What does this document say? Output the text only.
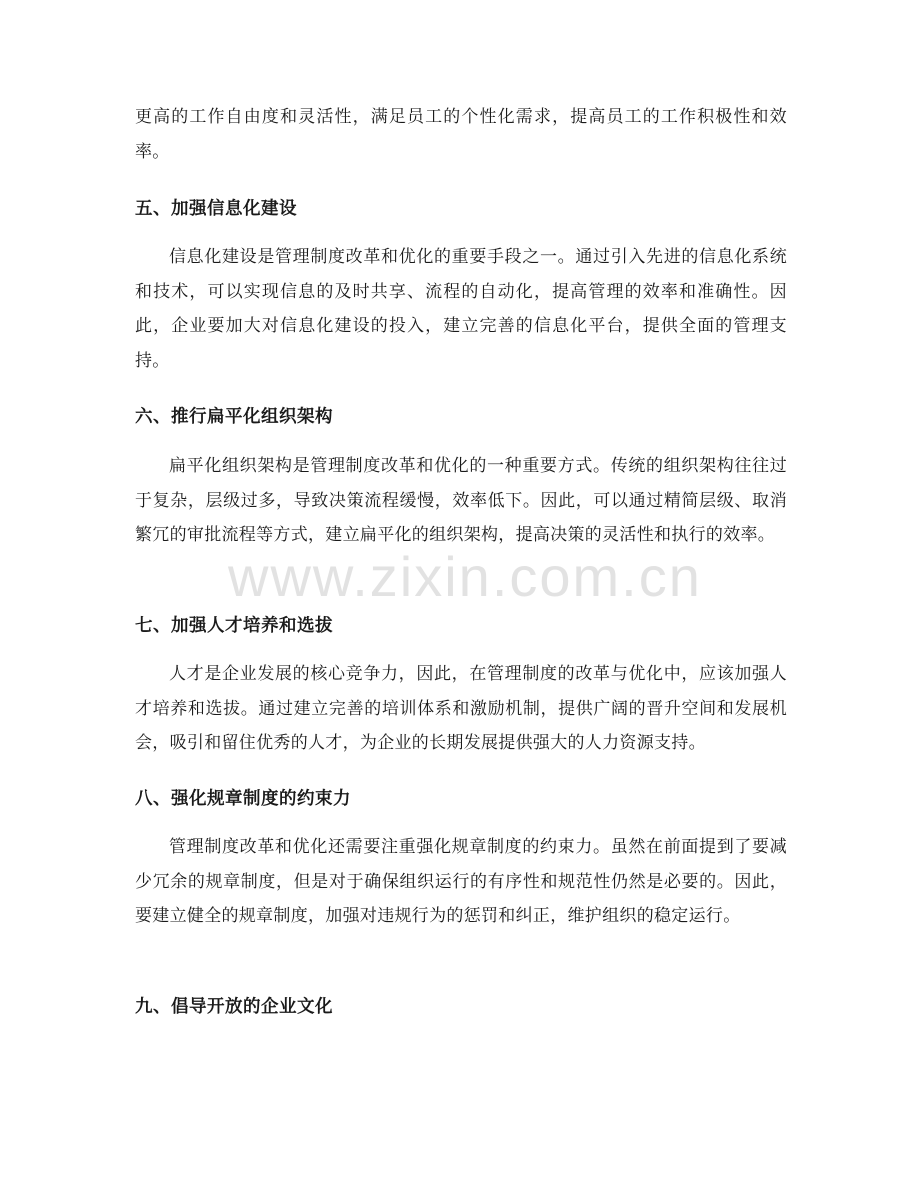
更高的工作自由度和灵活性，满足员工的个性化需求，提高员工的工作积极性和效率。

五、加强信息化建设

信息化建设是管理制度改革和优化的重要手段之一。通过引入先进的信息化系统和技术，可以实现信息的及时共享、流程的自动化，提高管理的效率和准确性。因此，企业要加大对信息化建设的投入，建立完善的信息化平台，提供全面的管理支持。

六、推行扁平化组织架构

扁平化组织架构是管理制度改革和优化的一种重要方式。传统的组织架构往往过于复杂，层级过多，导致决策流程缓慢，效率低下。因此，可以通过精简层级、取消繁冗的审批流程等方式，建立扁平化的组织架构，提高决策的灵活性和执行的效率。

七、加强人才培养和选拔

人才是企业发展的核心竞争力，因此，在管理制度的改革与优化中，应该加强人才培养和选拔。通过建立完善的培训体系和激励机制，提供广阔的晋升空间和发展机会，吸引和留住优秀的人才，为企业的长期发展提供强大的人力资源支持。

八、强化规章制度的约束力

管理制度改革和优化还需要注重强化规章制度的约束力。虽然在前面提到了要减少冗余的规章制度，但是对于确保组织运行的有序性和规范性仍然是必要的。因此，要建立健全的规章制度，加强对违规行为的惩罚和纠正，维护组织的稳定运行。

九、倡导开放的企业文化
www.zixin.com.cn
